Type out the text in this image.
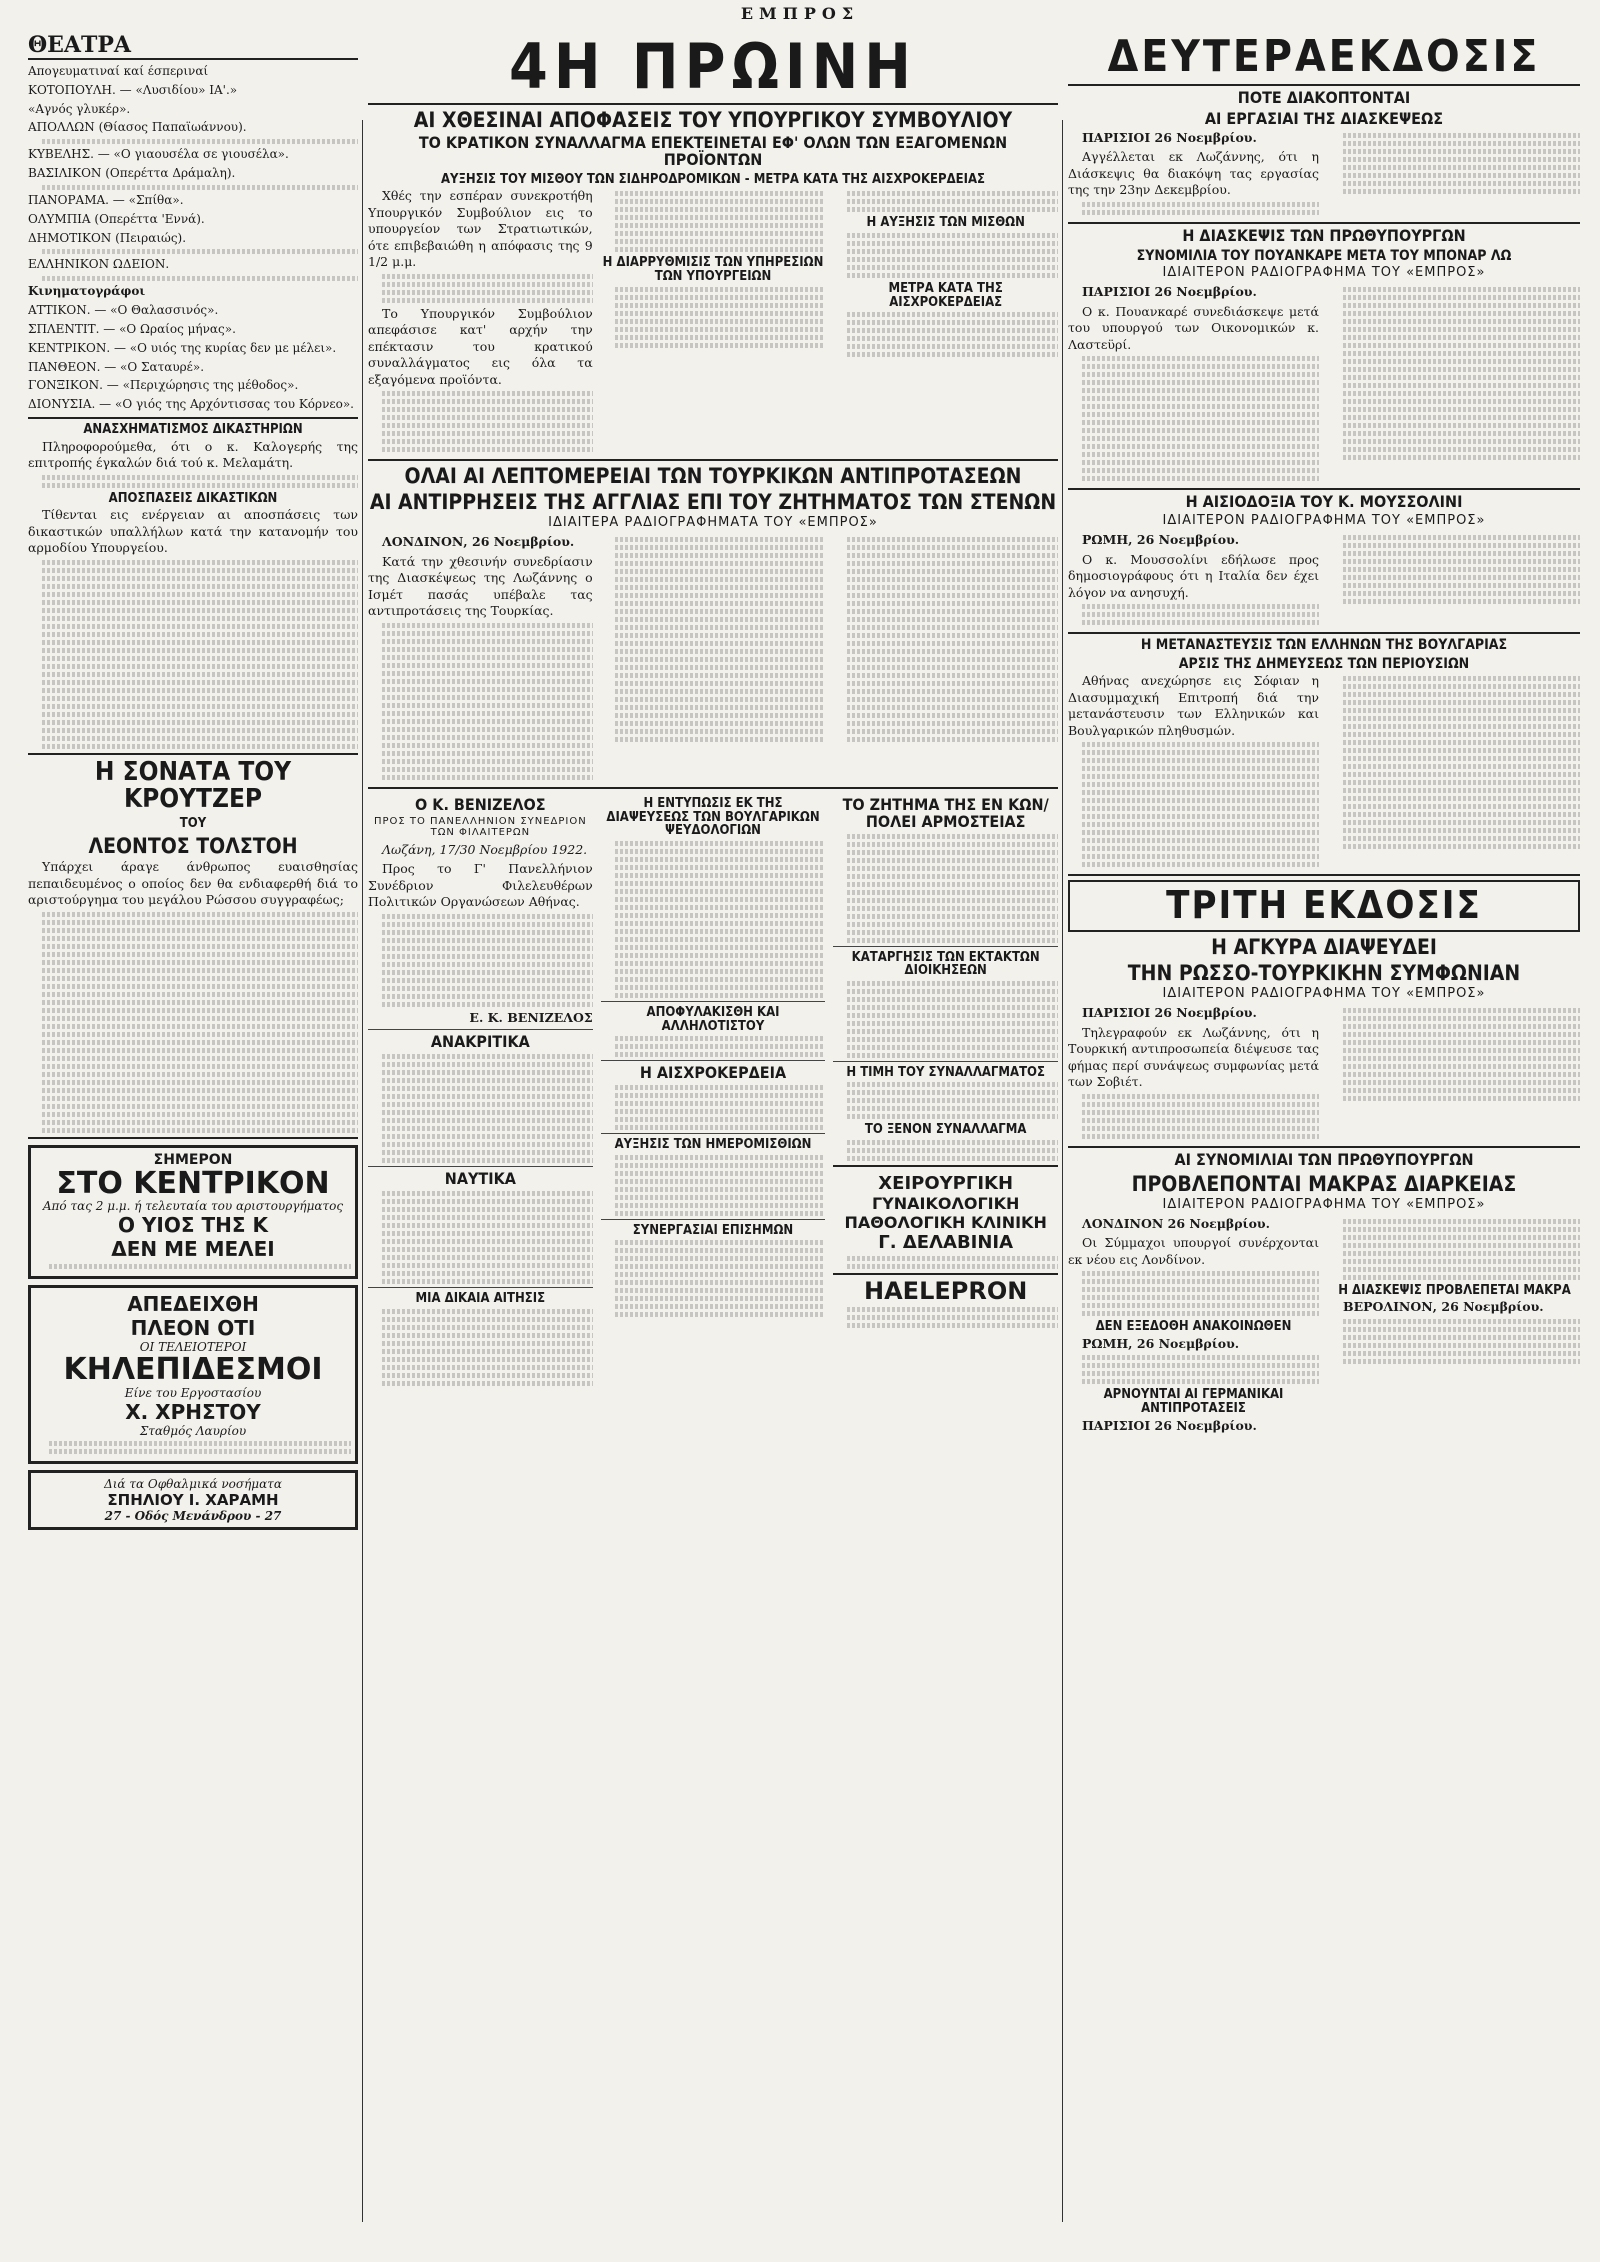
ΕΜΠΡΟΣ
ΘΕΑΤΡΑ

Απογευματιναί καί έσπεριναί

ΚΟΤΟΠΟΥΛΗ. — «Λυσιδίου» ΙΑ'.»

«Αγνός γλυκέρ».

ΑΠΟΛΛΩΝ (Θίασος Παπαϊωάννου).

ΚΥΒΕΛΗΣ. — «Ο γιαουσέλα σε γιουσέλα».

ΒΑΣΙΛΙΚΟΝ (Οπερέττα Δράμαλη).

ΠΑΝΟΡΑΜΑ. — «Σπίθα».

ΟΛΥΜΠΙΑ (Οπερέττα 'Εννά).

ΔΗΜΟΤΙΚΟΝ (Πειραιώς).

ΕΛΛΗΝΙΚΟΝ ΩΔΕΙΟΝ.

Κινηματογράφοι

ΑΤΤΙΚΟΝ. — «Ο Θαλασσινός».

ΣΠΛΕΝΤΙΤ. — «Ο Ωραίος μήνας».

ΚΕΝΤΡΙΚΟΝ. — «Ο υιός της κυρίας δεν με μέλει».

ΠΑΝΘΕΟΝ. — «Ο Σαταυρέ».

ΓΟΝΞΙΚΟΝ. — «Περιχώρησις της μέθοδος».

ΔΙΟΝΥΣΙΑ. — «Ο γιός της Αρχόντισσας του Κόρνεο».

ΑΝΑΣΧΗΜΑΤΙΣΜΟΣ ΔΙΚΑΣΤΗΡΙΩΝ

Πληροφορούμεθα, ότι ο κ. Καλογερής της επιτροπής έγκαλών διά τού κ. Μελαμάτη.

ΑΠΟΣΠΑΣΕΙΣ ΔΙΚΑΣΤΙΚΩΝ

Τίθενται εις ενέργειαν αι αποσπάσεις των δικαστικών υπαλλήλων κατά την κατανομήν του αρμοδίου Υπουργείου.

Η ΣΟΝΑΤΑ ΤΟΥ ΚΡΟΥΤΖΕΡ
ΤΟΥ
ΛΕΟΝΤΟΣ ΤΟΛΣΤΟΗ

Υπάρχει άραγε άνθρωπος ευαισθησίας πεπαιδευμένος ο οποίος δεν θα ενδιαφερθή διά το αριστούργημα του μεγάλου Ρώσσου συγγραφέως;

ΣΗΜΕΡΟΝ
ΣΤΟ ΚΕΝΤΡΙΚΟΝ
Από τας 2 μ.μ. ή τελευταία του αριστουργήματος
Ο ΥΙΟΣ ΤΗΣ Κ
ΔΕΝ ΜΕ ΜΕΛΕΙ
ΑΠΕΔΕΙΧΘΗ
ΠΛΕΟΝ ΟΤΙ
ΟΙ ΤΕΛΕΙΟΤΕΡΟΙ
ΚΗΛΕΠΙΔΕΣΜΟΙ
Είνε του Εργοστασίου
Χ. ΧΡΗΣΤΟΥ
Σταθμός Λαυρίου
Διά τα Οφθαλμικά νοσήματα
ΣΠΗΛΙΟΥ Ι. ΧΑΡΑΜΗ
27 - Οδός Μενάνδρου - 27
4Η ΠΡΩΙΝΗ
ΑΙ ΧΘΕΣΙΝΑΙ ΑΠΟΦΑΣΕΙΣ ΤΟΥ ΥΠΟΥΡΓΙΚΟΥ ΣΥΜΒΟΥΛΙΟΥ
ΤΟ ΚΡΑΤΙΚΟΝ ΣΥΝΑΛΛΑΓΜΑ ΕΠΕΚΤΕΙΝΕΤΑΙ ΕΦ' ΟΛΩΝ ΤΩΝ ΕΞΑΓΟΜΕΝΩΝ ΠΡΟΪΟΝΤΩΝ
ΑΥΞΗΣΙΣ ΤΟΥ ΜΙΣΘΟΥ ΤΩΝ ΣΙΔΗΡΟΔΡΟΜΙΚΩΝ - ΜΕΤΡΑ ΚΑΤΑ ΤΗΣ ΑΙΣΧΡΟΚΕΡΔΕΙΑΣ

Χθές την εσπέραν συνεκροτήθη Υπουργικόν Συμβούλιον εις το υπουργείον των Στρατιωτικών, ότε επιβεβαιώθη η απόφασις της 9 1/2 μ.μ.

Το Υπουργικόν Συμβούλιον απεφάσισε κατ' αρχήν την επέκτασιν του κρατικού συναλλάγματος εις όλα τα εξαγόμενα προϊόντα.

Η ΔΙΑΡΡΥΘΜΙΣΙΣ ΤΩΝ ΥΠΗΡΕΣΙΩΝ ΤΩΝ ΥΠΟΥΡΓΕΙΩΝ
Η ΑΥΞΗΣΙΣ ΤΩΝ ΜΙΣΘΩΝ
ΜΕΤΡΑ ΚΑΤΑ ΤΗΣ ΑΙΣΧΡΟΚΕΡΔΕΙΑΣ
ΟΛΑΙ ΑΙ ΛΕΠΤΟΜΕΡΕΙΑΙ ΤΩΝ ΤΟΥΡΚΙΚΩΝ ΑΝΤΙΠΡΟΤΑΣΕΩΝ
ΑΙ ΑΝΤΙΡΡΗΣΕΙΣ ΤΗΣ ΑΓΓΛΙΑΣ ΕΠΙ ΤΟΥ ΖΗΤΗΜΑΤΟΣ ΤΩΝ ΣΤΕΝΩΝ
ΙΔΙΑΙΤΕΡΑ ΡΑΔΙΟΓΡΑΦΗΜΑΤΑ ΤΟΥ «ΕΜΠΡΟΣ»

ΛΟΝΔΙΝΟΝ, 26 Νοεμβρίου.

Κατά την χθεσινήν συνεδρίασιν της Διασκέψεως της Λωζάννης ο Ισμέτ πασάς υπέβαλε τας αντιπροτάσεις της Τουρκίας.

Ο Κ. ΒΕΝΙΖΕΛΟΣ
ΠΡΟΣ ΤΟ ΠΑΝΕΛΛΗΝΙΟΝ ΣΥΝΕΔΡΙΟΝ ΤΩΝ ΦΙΛΑΙΤΕΡΩΝ

Λωζάνη, 17/30 Νοεμβρίου 1922.

Προς το Γ' Πανελλήνιον Συνέδριον Φιλελευθέρων Πολιτικών Οργανώσεων Αθήνας.

Ε. Κ. ΒΕΝΙΖΕΛΟΣ

ΑΝΑΚΡΙΤΙΚΑ
ΝΑΥΤΙΚΑ
ΜΙΑ ΔΙΚΑΙΑ ΑΙΤΗΣΙΣ
Η ΕΝΤΥΠΩΣΙΣ ΕΚ ΤΗΣ ΔΙΑΨΕΥΣΕΩΣ ΤΩΝ ΒΟΥΛΓΑΡΙΚΩΝ ΨΕΥΔΟΛΟΓΙΩΝ
ΑΠΟΦΥΛΑΚΙΣΘΗ ΚΑΙ ΑΛΛΗΛΟΤΙΣΤΟΥ
Η ΑΙΣΧΡΟΚΕΡΔΕΙΑ
ΑΥΞΗΣΙΣ ΤΩΝ ΗΜΕΡΟΜΙΣΘΙΩΝ
ΣΥΝΕΡΓΑΣΙΑΙ ΕΠΙΣΗΜΩΝ
ΤΟ ΖΗΤΗΜΑ ΤΗΣ ΕΝ ΚΩΝ/ΠΟΛΕΙ ΑΡΜΟΣΤΕΙΑΣ
ΚΑΤΑΡΓΗΣΙΣ ΤΩΝ ΕΚΤΑΚΤΩΝ ΔΙΟΙΚΗΣΕΩΝ
Η ΤΙΜΗ ΤΟΥ ΣΥΝΑΛΛΑΓΜΑΤΟΣ
ΤΟ ΞΕΝΟΝ ΣΥΝΑΛΛΑΓΜΑ
ΧΕΙΡΟΥΡΓΙΚΗ
ΓΥΝΑΙΚΟΛΟΓΙΚΗ
ΠΑΘΟΛΟΓΙΚΗ ΚΛΙΝΙΚΗ
Γ. ΔΕΛΑΒΙΝΙΑ
ΗΑΕLEPRON
ΔΕΥΤΕΡΑΕΚΔΟΣΙΣ
ΠΟΤΕ ΔΙΑΚΟΠΤΟΝΤΑΙ
ΑΙ ΕΡΓΑΣΙΑΙ ΤΗΣ ΔΙΑΣΚΕΨΕΩΣ

ΠΑΡΙΣΙΟΙ 26 Νοεμβρίου.

Αγγέλλεται εκ Λωζάννης, ότι η Διάσκεψις θα διακόψη τας εργασίας της την 23ην Δεκεμβρίου.

Η ΔΙΑΣΚΕΨΙΣ ΤΩΝ ΠΡΩΘΥΠΟΥΡΓΩΝ
ΣΥΝΟΜΙΛΙΑ ΤΟΥ ΠΟΥΑΝΚΑΡΕ ΜΕΤΑ ΤΟΥ ΜΠΟΝΑΡ ΛΩ
ΙΔΙΑΙΤΕΡΟΝ ΡΑΔΙΟΓΡΑΦΗΜΑ ΤΟΥ «ΕΜΠΡΟΣ»

ΠΑΡΙΣΙΟΙ 26 Νοεμβρίου.

Ο κ. Πουανκαρέ συνεδιάσκεψε μετά του υπουργού των Οικονομικών κ. Λαστεϋρί.

Η ΑΙΣΙΟΔΟΞΙΑ ΤΟΥ Κ. ΜΟΥΣΣΟΛΙΝΙ
ΙΔΙΑΙΤΕΡΟΝ ΡΑΔΙΟΓΡΑΦΗΜΑ ΤΟΥ «ΕΜΠΡΟΣ»

ΡΩΜΗ, 26 Νοεμβρίου.

Ο κ. Μουσσολίνι εδήλωσε προς δημοσιογράφους ότι η Ιταλία δεν έχει λόγον να ανησυχή.

Η ΜΕΤΑΝΑΣΤΕΥΣΙΣ ΤΩΝ ΕΛΛΗΝΩΝ ΤΗΣ ΒΟΥΛΓΑΡΙΑΣ
ΑΡΣΙΣ ΤΗΣ ΔΗΜΕΥΣΕΩΣ ΤΩΝ ΠΕΡΙΟΥΣΙΩΝ

Αθήνας ανεχώρησε εις Σόφιαν η Διασυμμαχική Επιτροπή διά την μετανάστευσιν των Ελληνικών και Βουλγαρικών πληθυσμών.

ΤΡΙΤΗ ΕΚΔΟΣΙΣ
Η ΑΓΚΥΡΑ ΔΙΑΨΕΥΔΕΙ
ΤΗΝ ΡΩΣΣΟ-ΤΟΥΡΚΙΚΗΝ ΣΥΜΦΩΝΙΑΝ
ΙΔΙΑΙΤΕΡΟΝ ΡΑΔΙΟΓΡΑΦΗΜΑ ΤΟΥ «ΕΜΠΡΟΣ»

ΠΑΡΙΣΙΟΙ 26 Νοεμβρίου.

Τηλεγραφούν εκ Λωζάννης, ότι η Τουρκική αντιπροσωπεία διέψευσε τας φήμας περί συνάψεως συμφωνίας μετά των Σοβιέτ.

ΑΙ ΣΥΝΟΜΙΛΙΑΙ ΤΩΝ ΠΡΩΘΥΠΟΥΡΓΩΝ
ΠΡΟΒΛΕΠΟΝΤΑΙ ΜΑΚΡΑΣ ΔΙΑΡΚΕΙΑΣ
ΙΔΙΑΙΤΕΡΟΝ ΡΑΔΙΟΓΡΑΦΗΜΑ ΤΟΥ «ΕΜΠΡΟΣ»

ΛΟΝΔΙΝΟΝ 26 Νοεμβρίου.

Οι Σύμμαχοι υπουργοί συνέρχονται εκ νέου εις Λονδίνον.

ΔΕΝ ΕΞΕΔΟΘΗ ΑΝΑΚΟΙΝΩΘΕΝ

ΡΩΜΗ, 26 Νοεμβρίου.

ΑΡΝΟΥΝΤΑΙ ΑΙ ΓΕΡΜΑΝΙΚΑΙ ΑΝΤΙΠΡΟΤΑΣΕΙΣ

ΠΑΡΙΣΙΟΙ 26 Νοεμβρίου.

Η ΔΙΑΣΚΕΨΙΣ ΠΡΟΒΛΕΠΕΤΑΙ ΜΑΚΡΑ

ΒΕΡΟΛΙΝΟΝ, 26 Νοεμβρίου.
